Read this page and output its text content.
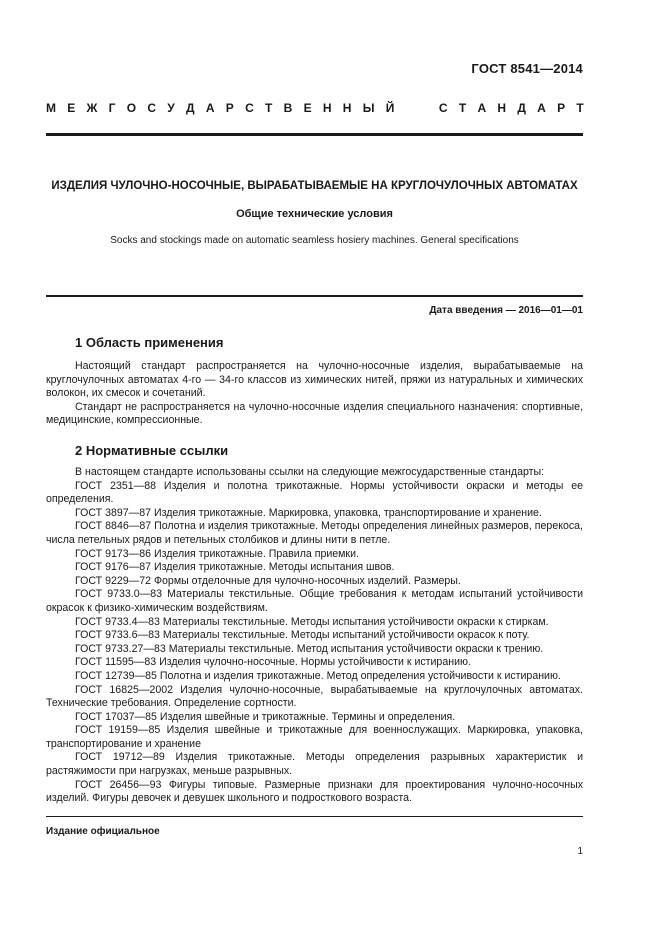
ГОСТ 8541—2014
М Е Ж Г О С У Д А Р С Т В Е Н Н Ы Й	С Т А Н Д А Р Т
ИЗДЕЛИЯ ЧУЛОЧНО-НОСОЧНЫЕ, ВЫРАБАТЫВАЕМЫЕ НА КРУГЛОЧУЛОЧНЫХ АВТОМАТАХ
Общие технические условия
Socks and stockings made on automatic seamless hosiery machines. General specifications
Дата введения — 2016—01—01
1 Область применения

Настоящий стандарт распространяется на чулочно-носочные изделия, вырабатываемые на круглочулочных автоматах 4-го — 34-го классов из химических нитей, пряжи из натуральных и химических волокон, их смесок и сочетаний.

Стандарт не распространяется на чулочно-носочные изделия специального назначения: спортивные, медицинские, компрессионные.

2 Нормативные ссылки

В настоящем стандарте использованы ссылки на следующие межгосударственные стандарты:

ГОСТ 2351—88 Изделия и полотна трикотажные. Нормы устойчивости окраски и методы ее определения.

ГОСТ 3897—87 Изделия трикотажные. Маркировка, упаковка, транспортирование и хранение.

ГОСТ 8846—87 Полотна и изделия трикотажные. Методы определения линейных размеров, перекоса, числа петельных рядов и петельных столбиков и длины нити в петле.

ГОСТ 9173—86 Изделия трикотажные. Правила приемки.

ГОСТ 9176—87 Изделия трикотажные. Методы испытания швов.

ГОСТ 9229—72 Формы отделочные для чулочно-носочных изделий. Размеры.

ГОСТ 9733.0—83 Материалы текстильные. Общие требования к методам испытаний устойчивости окрасок к физико-химическим воздействиям.

ГОСТ 9733.4—83 Материалы текстильные. Методы испытания устойчивости окраски к стиркам.

ГОСТ 9733.6—83 Материалы текстильные. Методы испытаний устойчивости окрасок к поту.

ГОСТ 9733.27—83 Материалы текстильные. Метод испытания устойчивости окраски к трению.

ГОСТ 11595—83 Изделия чулочно-носочные. Нормы устойчивости к истиранию.

ГОСТ 12739—85 Полотна и изделия трикотажные. Метод определения устойчивости к истиранию.

ГОСТ 16825—2002 Изделия чулочно-носочные, вырабатываемые на круглочулочных автоматах. Технические требования. Определение сортности.

ГОСТ 17037—85 Изделия швейные и трикотажные. Термины и определения.

ГОСТ 19159—85 Изделия швейные и трикотажные для военнослужащих. Маркировка, упаковка, транспортирование и хранение

ГОСТ 19712—89 Изделия трикотажные. Методы определения разрывных характеристик и растяжимости при нагрузках, меньше разрывных.

ГОСТ 26456—93 Фигуры типовые. Размерные признаки для проектирования чулочно-носочных изделий. Фигуры девочек и девушек школьного и подросткового возраста.

Издание официальное
1
